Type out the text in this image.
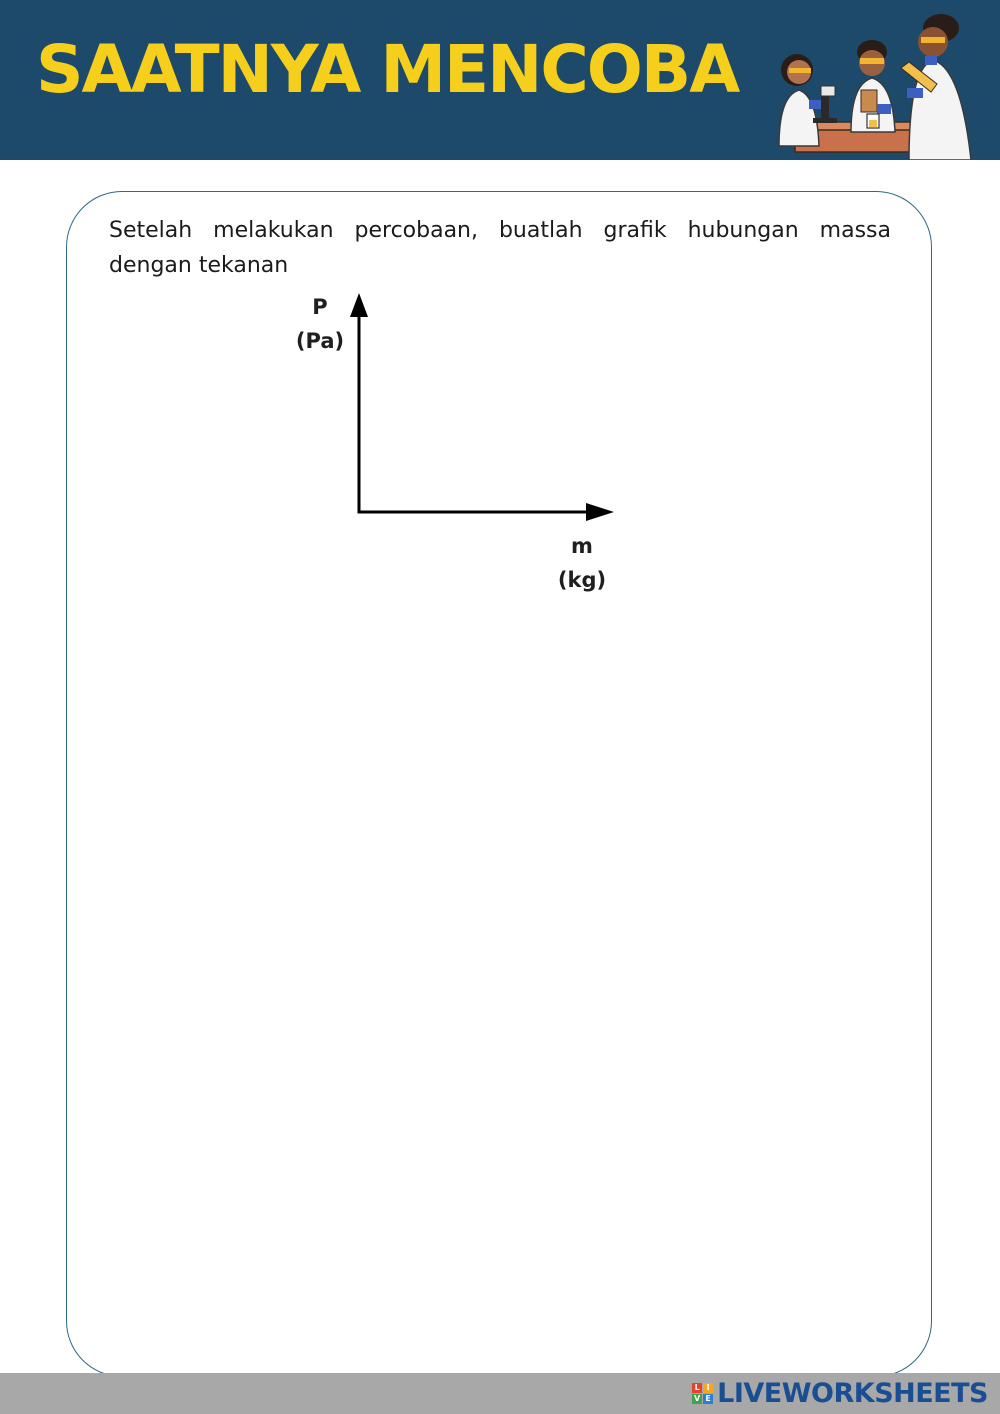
SAATNYA MENCOBA
Setelah melakukan percobaan, buatlah grafik hubungan massa dengan tekanan
P
(Pa)
m
(kg)
L I
V E LIVEWORKSHEETS
